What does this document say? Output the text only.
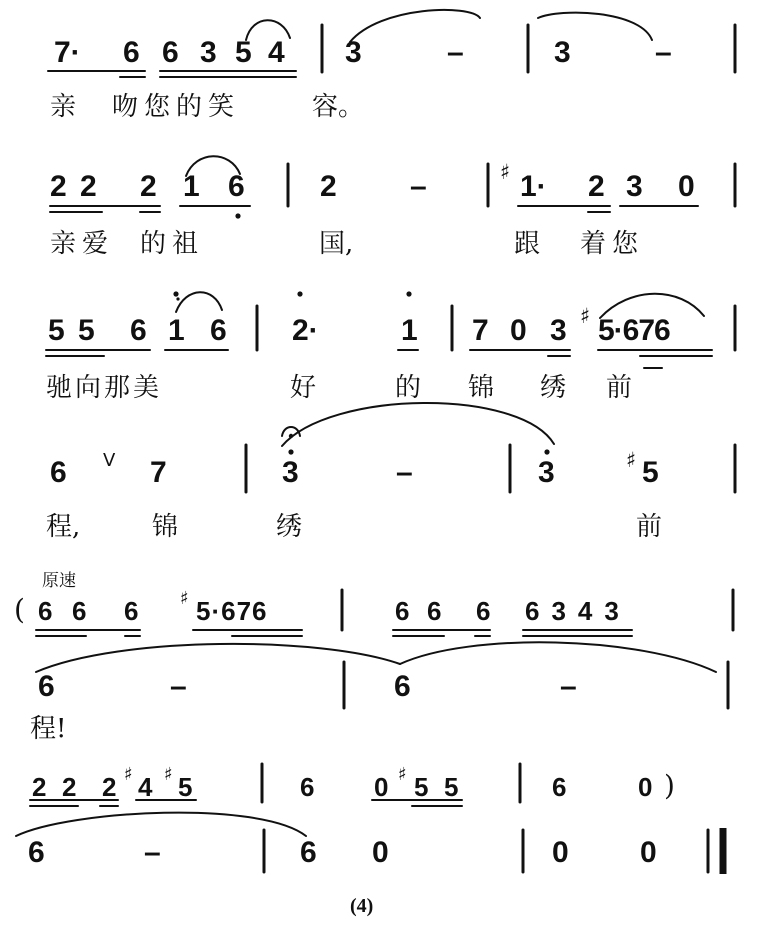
7· 6 6 3 5 4 3	–	3	–
亲 吻您的笑	容。
2 2 2 1 6	2 –	♯ 1· 2 3 0
亲爱 的祖	国,	跟 着您
5 5 6 1 6 2·	1 7 0 3 ♯ 5·676
驰向那美	好	的 锦 绣 前
6 V 7	3	–	3	♯ 5
程,	锦	绣	前
原速
( 6 6 6 ♯ 5·676	6 6 6 6343
6	–	6	–
程!
2 2 2 ♯ 4 ♯ 5	6 0 ♯ 5 5	6	0 )
6	–	6 0	0 0
(4)
